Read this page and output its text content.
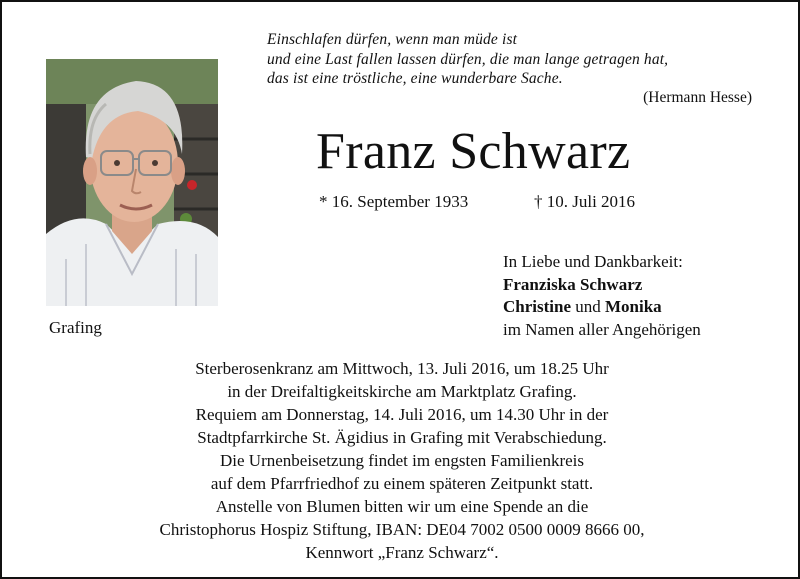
Einschlafen dürfen, wenn man müde ist
und eine Last fallen lassen dürfen, die man lange getragen hat,
das ist eine tröstliche, eine wunderbare Sache.
(Hermann Hesse)
Grafing
Franz Schwarz
* 16. September 1933	† 10. Juli 2016
In Liebe und Dankbarkeit:
Franziska Schwarz
Christine und Monika
im Namen aller Angehörigen
Sterberosenkranz am Mittwoch, 13. Juli 2016, um 18.25 Uhr
in der Dreifaltigkeitskirche am Marktplatz Grafing.
Requiem am Donnerstag, 14. Juli 2016, um 14.30 Uhr in der
Stadtpfarrkirche St. Ägidius in Grafing mit Verabschiedung.
Die Urnenbeisetzung findet im engsten Familienkreis
auf dem Pfarrfriedhof zu einem späteren Zeitpunkt statt.
Anstelle von Blumen bitten wir um eine Spende an die
Christophorus Hospiz Stiftung, IBAN: DE04 7002 0500 0009 8666 00,
Kennwort „Franz Schwarz“.
